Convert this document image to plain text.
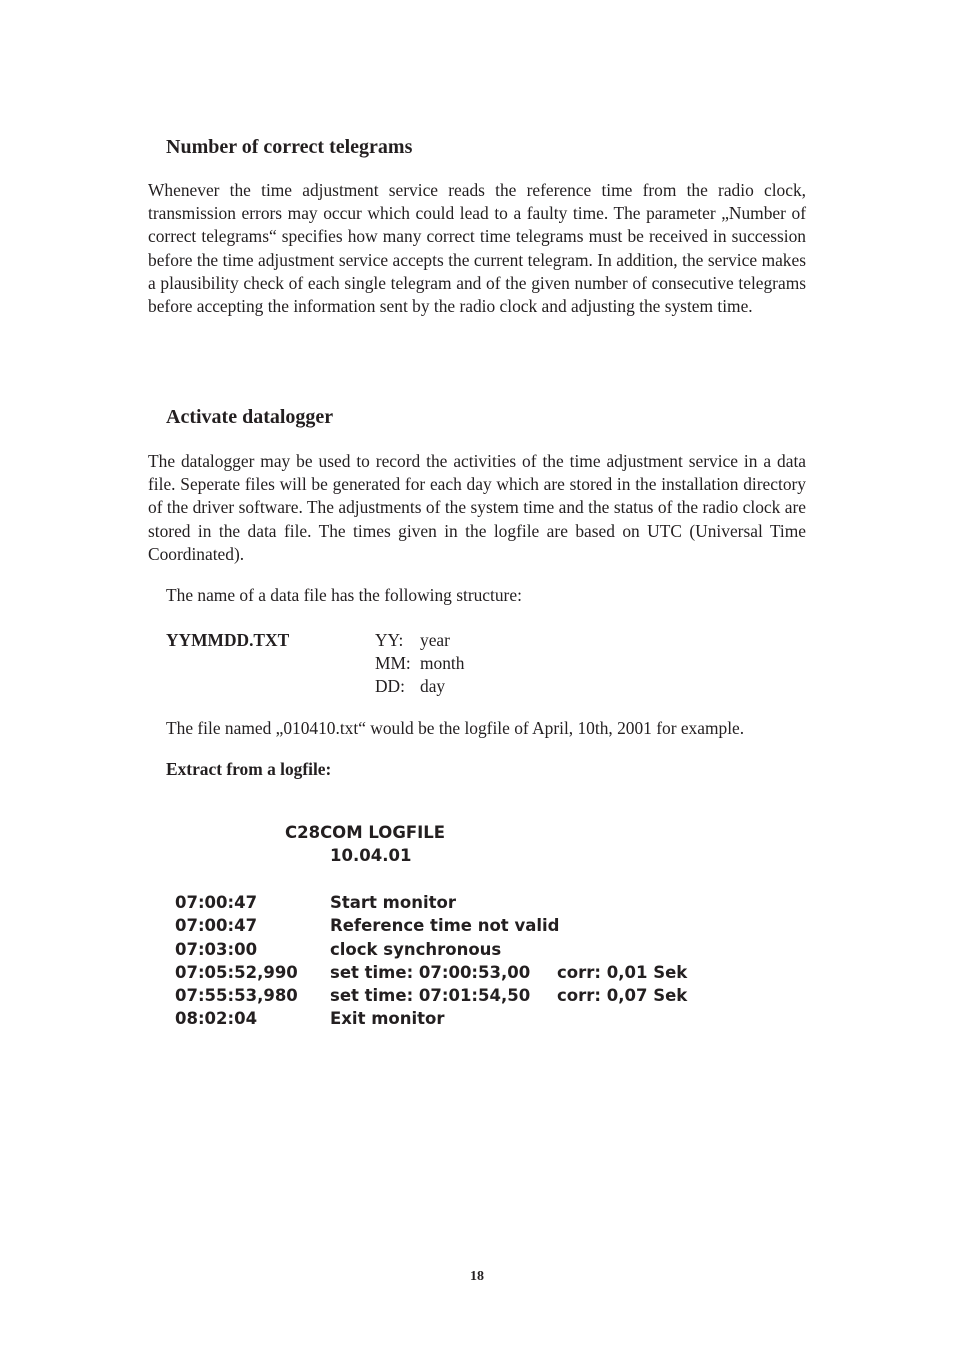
Number of correct telegrams

Whenever the time adjustment service reads the reference time from the radio clock, transmission errors may occur which could lead to a faulty time. The parameter „Number of correct telegrams“ specifies how many correct time telegrams must be received in succession before the time adjustment service accepts the current telegram. In addition, the service makes a plausibility check of each single telegram and of the given number of consecutive telegrams before accepting the information sent by the radio clock and adjusting the system time.

Activate datalogger

The datalogger may be used to record the activities of the time adjustment service in a data file. Seperate files will be generated for each day which are stored in the installation directory of the driver software. The adjustments of the system time and the status of the radio clock are stored in the data file. The times given in the logfile are based on UTC (Universal Time Coordinated).

The name of a data file has the following structure:

YYMMDD.TXT	YY: year
MM: month
DD: day

The file named „010410.txt“ would be the logfile of April, 10th, 2001 for example.

Extract from a logfile:

C28COM LOGFILE
10.04.01
07:00:47	Start monitor
07:00:47	Reference time not valid
07:03:00	clock synchronous
07:05:52,990 set time: 07:00:53,00 corr: 0,01 Sek
07:55:53,980 set time: 07:01:54,50 corr: 0,07 Sek
08:02:04	Exit monitor
18
